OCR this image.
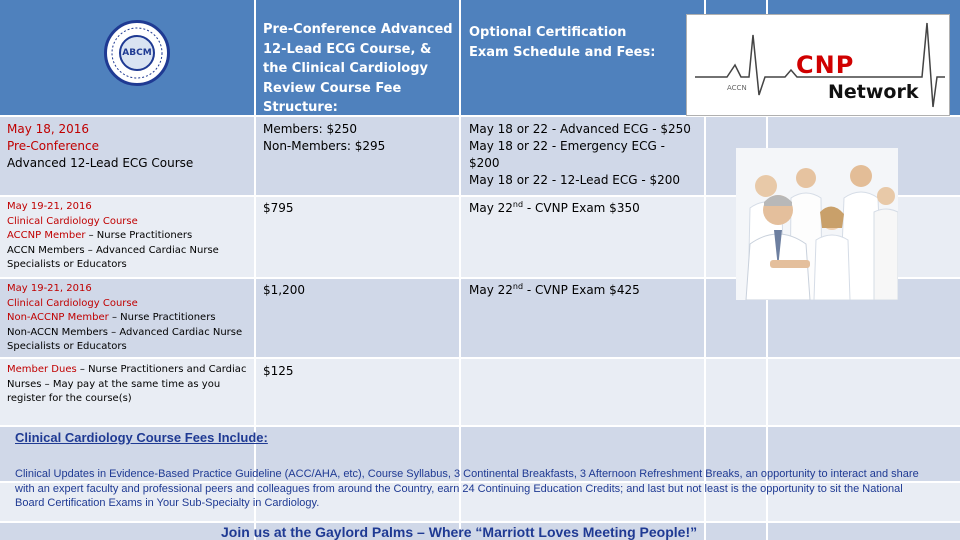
ABCM
Pre-Conference Advanced 12-Lead ECG Course, & the Clinical Cardiology Review Course Fee Structure:
Optional Certification Exam Schedule and Fees:
ACCN
CNP
Network
May 18, 2016
Pre-Conference
Advanced 12-Lead ECG Course
Members: $250
Non-Members: $295
May 18 or 22 - Advanced ECG - $250
May 18 or 22 - Emergency ECG - $200
May 18 or 22 - 12-Lead ECG - $200
May 19-21, 2016
Clinical Cardiology Course
ACCNP Member – Nurse Practitioners
ACCN Members – Advanced Cardiac Nurse
Specialists or Educators
$795	May 22nd - CVNP Exam $350
May 19-21, 2016
Clinical Cardiology Course
Non-ACCNP Member – Nurse Practitioners
Non-ACCN Members – Advanced Cardiac Nurse
Specialists or Educators
$1,200	May 22nd - CVNP Exam $425
Member Dues – Nurse Practitioners and Cardiac
Nurses – May pay at the same time as you
register for the course(s)
$125
Clinical Cardiology Course Fees Include:
Clinical Updates in Evidence-Based Practice Guideline (ACC/AHA, etc), Course Syllabus, 3 Continental Breakfasts, 3 Afternoon Refreshment Breaks, an opportunity to interact and share with an expert faculty and professional peers and colleagues from around the Country, earn 24 Continuing Education Credits; and last but not least is the opportunity to sit the National Board Certification Exams in Your Sub-Specialty in Cardiology.
Join us at the Gaylord Palms – Where “Marriott Loves Meeting People!”
